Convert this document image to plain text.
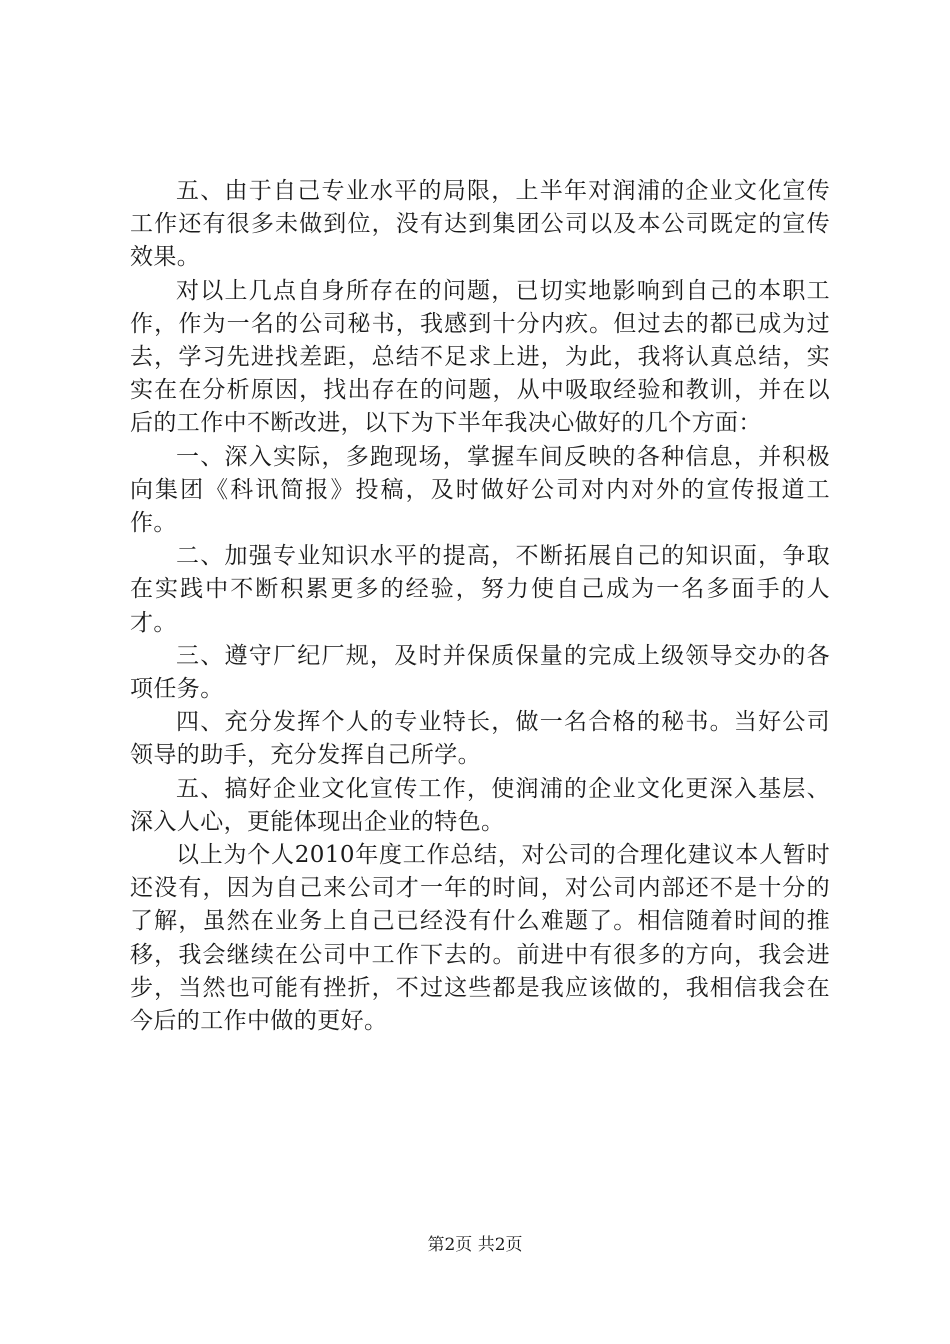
五、由于自己专业水平的局限，上半年对润浦的企业文化宣传工作还有很多未做到位，没有达到集团公司以及本公司既定的宣传效果。

对以上几点自身所存在的问题，已切实地影响到自己的本职工作，作为一名的公司秘书，我感到十分内疚。但过去的都已成为过去，学习先进找差距，总结不足求上进，为此，我将认真总结，实实在在分析原因，找出存在的问题，从中吸取经验和教训，并在以后的工作中不断改进，以下为下半年我决心做好的几个方面：

一、深入实际，多跑现场，掌握车间反映的各种信息，并积极向集团《科讯简报》投稿，及时做好公司对内对外的宣传报道工作。

二、加强专业知识水平的提高，不断拓展自己的知识面，争取在实践中不断积累更多的经验，努力使自己成为一名多面手的人才。

三、遵守厂纪厂规，及时并保质保量的完成上级领导交办的各项任务。

四、充分发挥个人的专业特长，做一名合格的秘书。当好公司领导的助手，充分发挥自己所学。

五、搞好企业文化宣传工作，使润浦的企业文化更深入基层、深入人心，更能体现出企业的特色。

以上为个人2010年度工作总结，对公司的合理化建议本人暂时还没有，因为自己来公司才一年的时间，对公司内部还不是十分的了解，虽然在业务上自己已经没有什么难题了。相信随着时间的推移，我会继续在公司中工作下去的。前进中有很多的方向，我会进步，当然也可能有挫折，不过这些都是我应该做的，我相信我会在今后的工作中做的更好。

第2页 共2页
